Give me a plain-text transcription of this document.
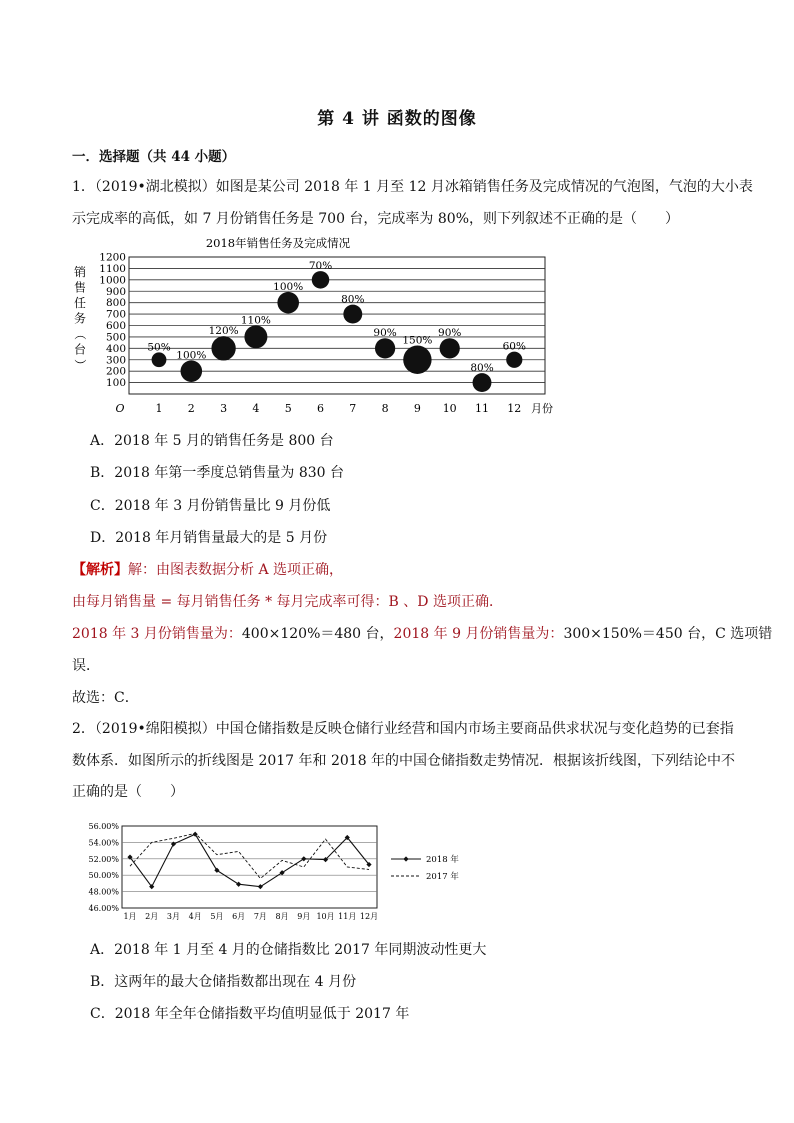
第 4 讲 函数的图像
一．选择题（共 44 小题）
1．（2019•湖北模拟）如图是某公司 2018 年 1 月至 12 月冰箱销售任务及完成情况的气泡图，气泡的大小表
示完成率的高低，如 7 月份销售任务是 700 台，完成率为 80%，则下列叙述不正确的是（　　）
2018年销售任务及完成情况
销
售
任
务
（
台
）
100
200
300
400
500
600
700
800
900
1000
1100
1200
1 2 3 4 5 6 7 8 9 10 11 12
50%
100%
120%
110%
100%
70%
80%
90%
150%
90%
80%
60%
O	月份
A．2018 年 5 月的销售任务是 800 台
B．2018 年第一季度总销售量为 830 台
C．2018 年 3 月份销售量比 9 月份低
D．2018 年月销售量最大的是 5 月份
【解析】解：由图表数据分析 A 选项正确，
由每月销售量 = 每月销售任务 * 每月完成率可得：B 、D 选项正确．
2018 年 3 月份销售量为：400×120%＝480 台，2018 年 9 月份销售量为：300×150%＝450 台，C 选项错
误．
故选：C．
2．（2019•绵阳模拟）中国仓储指数是反映仓储行业经营和国内市场主要商品供求状况与变化趋势的已套指
数体系．如图所示的折线图是 2017 年和 2018 年的中国仓储指数走势情况．根据该折线图，下列结论中不
正确的是（　　）
46.00%
48.00%
50.00%
52.00%
54.00%
56.00%
1月 2月 3月 4月 5月 6月 7月 8月 9月 10月 11月 12月
2018 年
2017 年
A．2018 年 1 月至 4 月的仓储指数比 2017 年同期波动性更大
B．这两年的最大仓储指数都出现在 4 月份
C．2018 年全年仓储指数平均值明显低于 2017 年
